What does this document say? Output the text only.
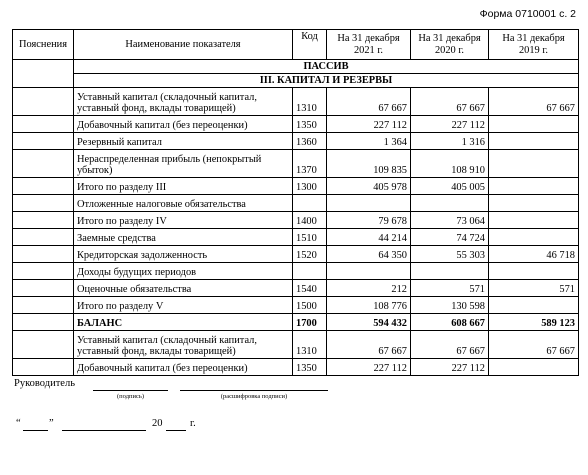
Форма 0710001 с. 2
Пояснения	Наименование показателя	Код	На 31 декабря 2021 г.	На 31 декабря 2020 г.	На 31 декабря 2019 г.
	ПАССИВ				
	III. КАПИТАЛ И РЕЗЕРВЫ				
	Уставный капитал (складочный капитал, уставный фонд, вклады товарищей)	1310	67 667	67 667	67 667
	Добавочный капитал (без переоценки)	1350	227 112	227 112	
	Резервный капитал	1360	1 364	1 316	
	Нераспределенная прибыль (непокрытый убыток)	1370	109 835	108 910	
	Итого по разделу III	1300	405 978	405 005	
	Отложенные налоговые обязательства				
	Итого по разделу IV	1400	79 678	73 064	
	Заемные средства	1510	44 214	74 724	
	Кредиторская задолженность	1520	64 350	55 303	46 718
	Доходы будущих периодов				
	Оценочные обязательства	1540	212	571	571
	Итого по разделу V	1500	108 776	130 598	
	БАЛАНС	1700	594 432	608 667	589 123
	Уставный капитал (складочный капитал, уставный фонд, вклады товарищей)	1310	67 667	67 667	67 667
	Добавочный капитал (без переоценки)	1350	227 112	227 112	
Руководитель
(подпись)	(расшифровка подписи)
“	”	20	г.
